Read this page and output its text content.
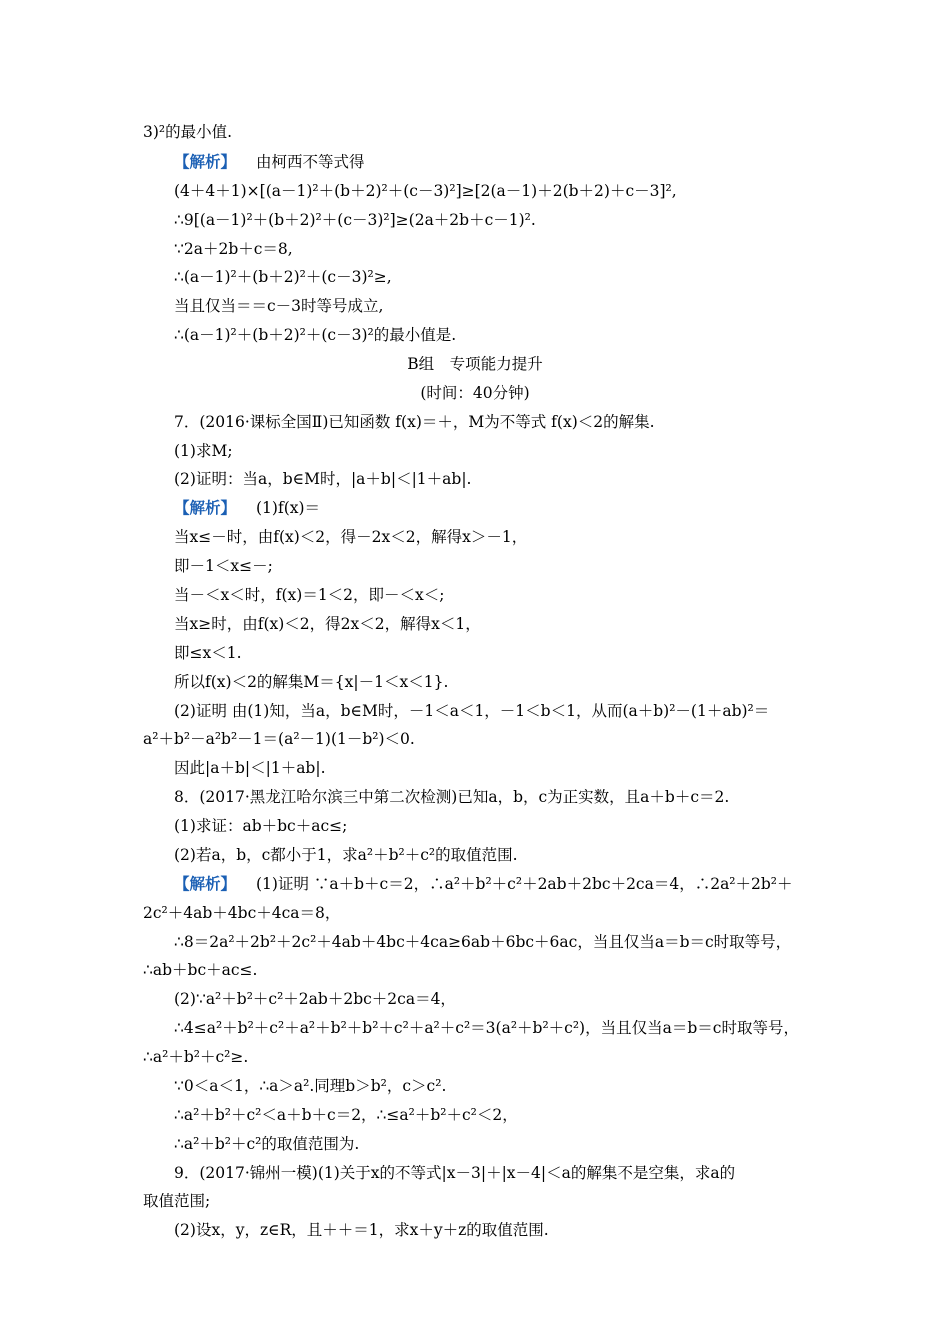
3)²的最小值.
【解析】 由柯西不等式得
(4＋4＋1)×[(a－1)²＋(b＋2)²＋(c－3)²]≥[2(a－1)＋2(b＋2)＋c－3]²,
∴9[(a－1)²＋(b＋2)²＋(c－3)²]≥(2a＋2b＋c－1)².
∵2a＋2b＋c＝8,
∴(a－1)²＋(b＋2)²＋(c－3)²≥,
当且仅当＝＝c－3时等号成立,
∴(a－1)²＋(b＋2)²＋(c－3)²的最小值是.
B组　专项能力提升
(时间：40分钟)
7．(2016·课标全国Ⅱ)已知函数 f(x)＝＋，M为不等式 f(x)＜2的解集.
(1)求M;
(2)证明：当a，b∈M时，|a＋b|＜|1＋ab|.
【解析】 (1)f(x)＝
当x≤－时，由f(x)＜2，得－2x＜2，解得x＞－1，
即－1＜x≤－;
当－＜x＜时，f(x)＝1＜2，即－＜x＜;
当x≥时，由f(x)＜2，得2x＜2，解得x＜1，
即≤x＜1.
所以f(x)＜2的解集M＝{x|－1＜x＜1}.
(2)证明 由(1)知，当a，b∈M时，－1＜a＜1，－1＜b＜1，从而(a＋b)²－(1＋ab)²＝
a²＋b²－a²b²－1＝(a²－1)(1－b²)＜0.
因此|a＋b|＜|1＋ab|.
8．(2017·黑龙江哈尔滨三中第二次检测)已知a，b，c为正实数，且a＋b＋c＝2.
(1)求证：ab＋bc＋ac≤;
(2)若a，b，c都小于1，求a²＋b²＋c²的取值范围.
【解析】 (1)证明 ∵a＋b＋c＝2，∴a²＋b²＋c²＋2ab＋2bc＋2ca＝4，∴2a²＋2b²＋
2c²＋4ab＋4bc＋4ca＝8，
∴8＝2a²＋2b²＋2c²＋4ab＋4bc＋4ca≥6ab＋6bc＋6ac，当且仅当a＝b＝c时取等号，
∴ab＋bc＋ac≤.
(2)∵a²＋b²＋c²＋2ab＋2bc＋2ca＝4，
∴4≤a²＋b²＋c²＋a²＋b²＋b²＋c²＋a²＋c²＝3(a²＋b²＋c²)，当且仅当a＝b＝c时取等号，
∴a²＋b²＋c²≥.
∵0＜a＜1，∴a＞a².同理b＞b²，c＞c².
∴a²＋b²＋c²＜a＋b＋c＝2，∴≤a²＋b²＋c²＜2，
∴a²＋b²＋c²的取值范围为.
9．(2017·锦州一模)(1)关于x的不等式|x－3|＋|x－4|＜a的解集不是空集，求a的
取值范围;
(2)设x，y，z∈R，且＋＋＝1，求x＋y＋z的取值范围.
